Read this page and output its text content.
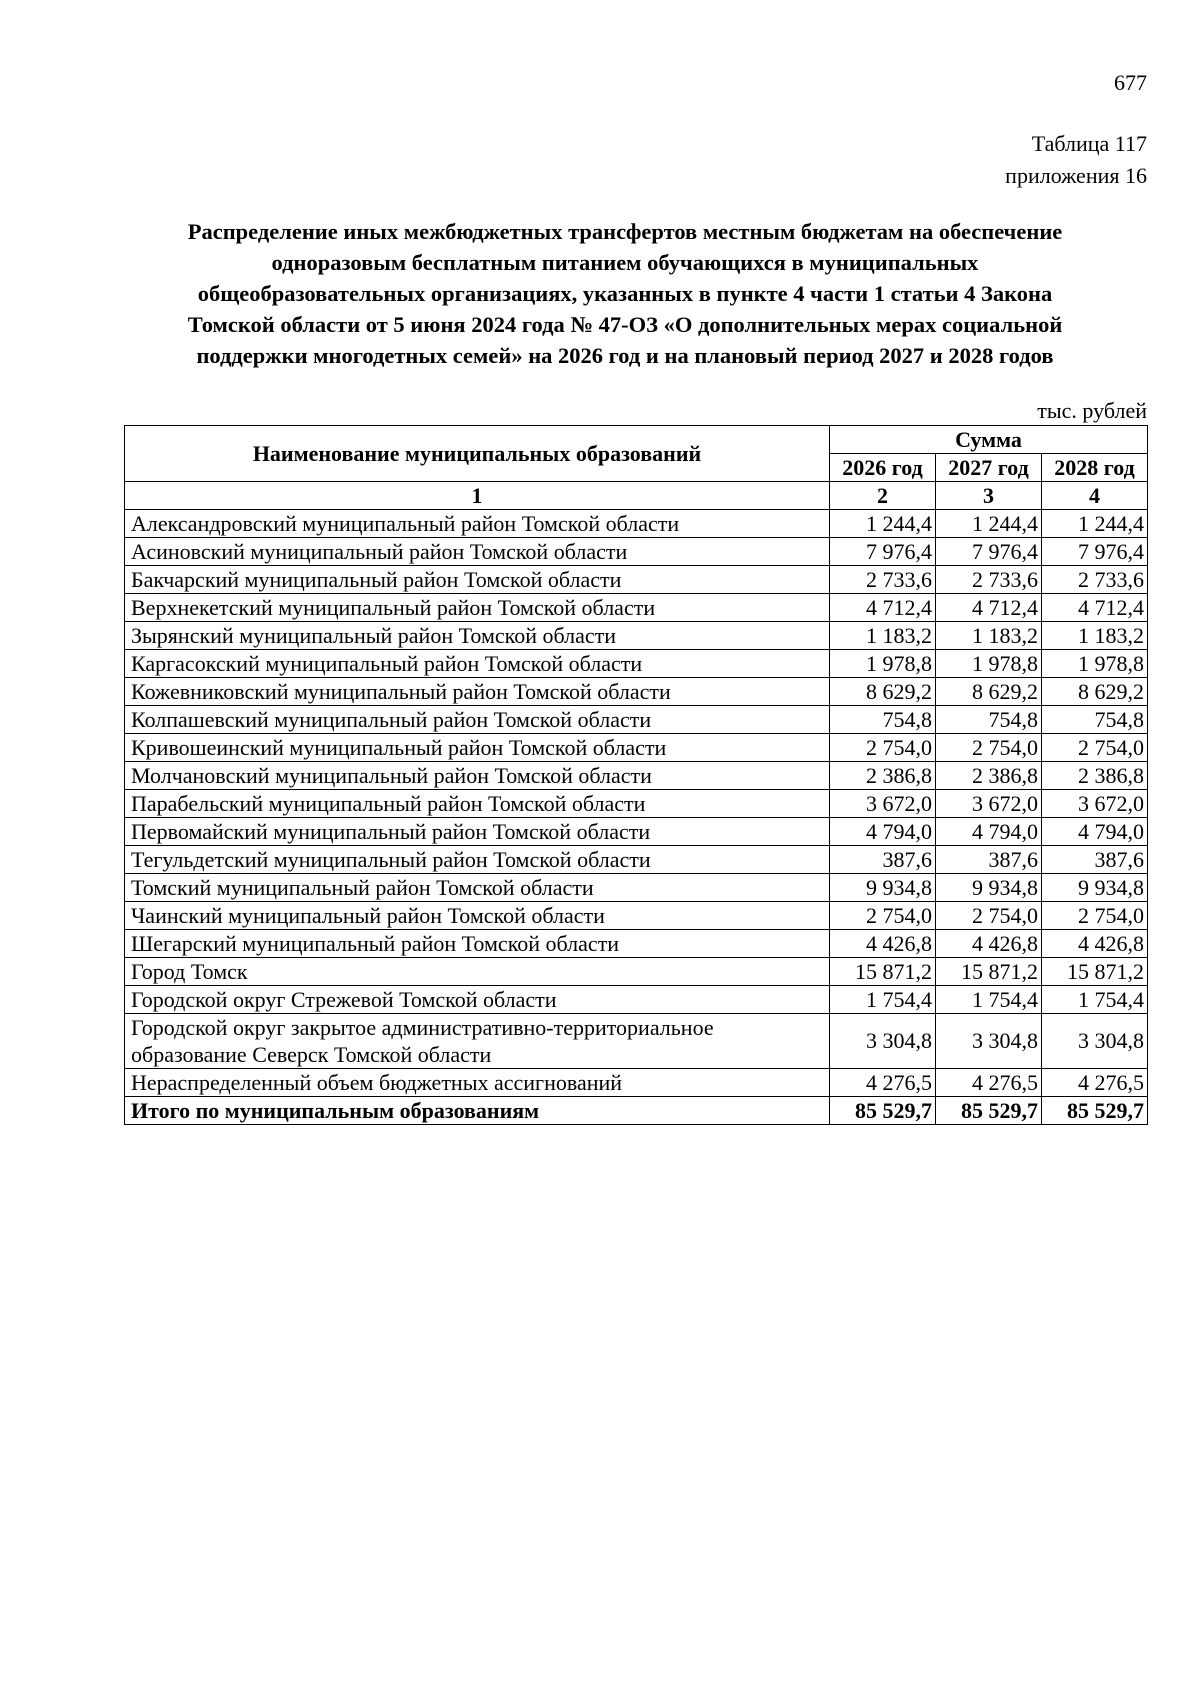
677
Таблица 117
приложения 16
Распределение иных межбюджетных трансфертов местным бюджетам на обеспечение
одноразовым бесплатным питанием обучающихся в муниципальных
общеобразовательных организациях, указанных в пункте 4 части 1 статьи 4 Закона
Томской области от 5 июня 2024 года № 47-ОЗ «О дополнительных мерах социальной
поддержки многодетных семей» на 2026 год и на плановый период 2027 и 2028 годов
тыс. рублей
Наименование муниципальных образований	Сумма		
	2026 год	2027 год	2028 год
1	2	3	4
Александровский муниципальный район Томской области	1 244,4	1 244,4	1 244,4
Асиновский муниципальный район Томской области	7 976,4	7 976,4	7 976,4
Бакчарский муниципальный район Томской области	2 733,6	2 733,6	2 733,6
Верхнекетский муниципальный район Томской области	4 712,4	4 712,4	4 712,4
Зырянский муниципальный район Томской области	1 183,2	1 183,2	1 183,2
Каргасокский муниципальный район Томской области	1 978,8	1 978,8	1 978,8
Кожевниковский муниципальный район Томской области	8 629,2	8 629,2	8 629,2
Колпашевский муниципальный район Томской области	754,8	754,8	754,8
Кривошеинский муниципальный район Томской области	2 754,0	2 754,0	2 754,0
Молчановский муниципальный район Томской области	2 386,8	2 386,8	2 386,8
Парабельский муниципальный район Томской области	3 672,0	3 672,0	3 672,0
Первомайский муниципальный район Томской области	4 794,0	4 794,0	4 794,0
Тегульдетский муниципальный район Томской области	387,6	387,6	387,6
Томский муниципальный район Томской области	9 934,8	9 934,8	9 934,8
Чаинский муниципальный район Томской области	2 754,0	2 754,0	2 754,0
Шегарский муниципальный район Томской области	4 426,8	4 426,8	4 426,8
Город Томск	15 871,2	15 871,2	15 871,2
Городской округ Стрежевой Томской области	1 754,4	1 754,4	1 754,4

Городской округ закрытое административно-территориальное
образование Северск Томской области	3 304,8	3 304,8	3 304,8
Нераспределенный объем бюджетных ассигнований	4 276,5	4 276,5	4 276,5
Итого по муниципальным образованиям	85 529,7	85 529,7	85 529,7
